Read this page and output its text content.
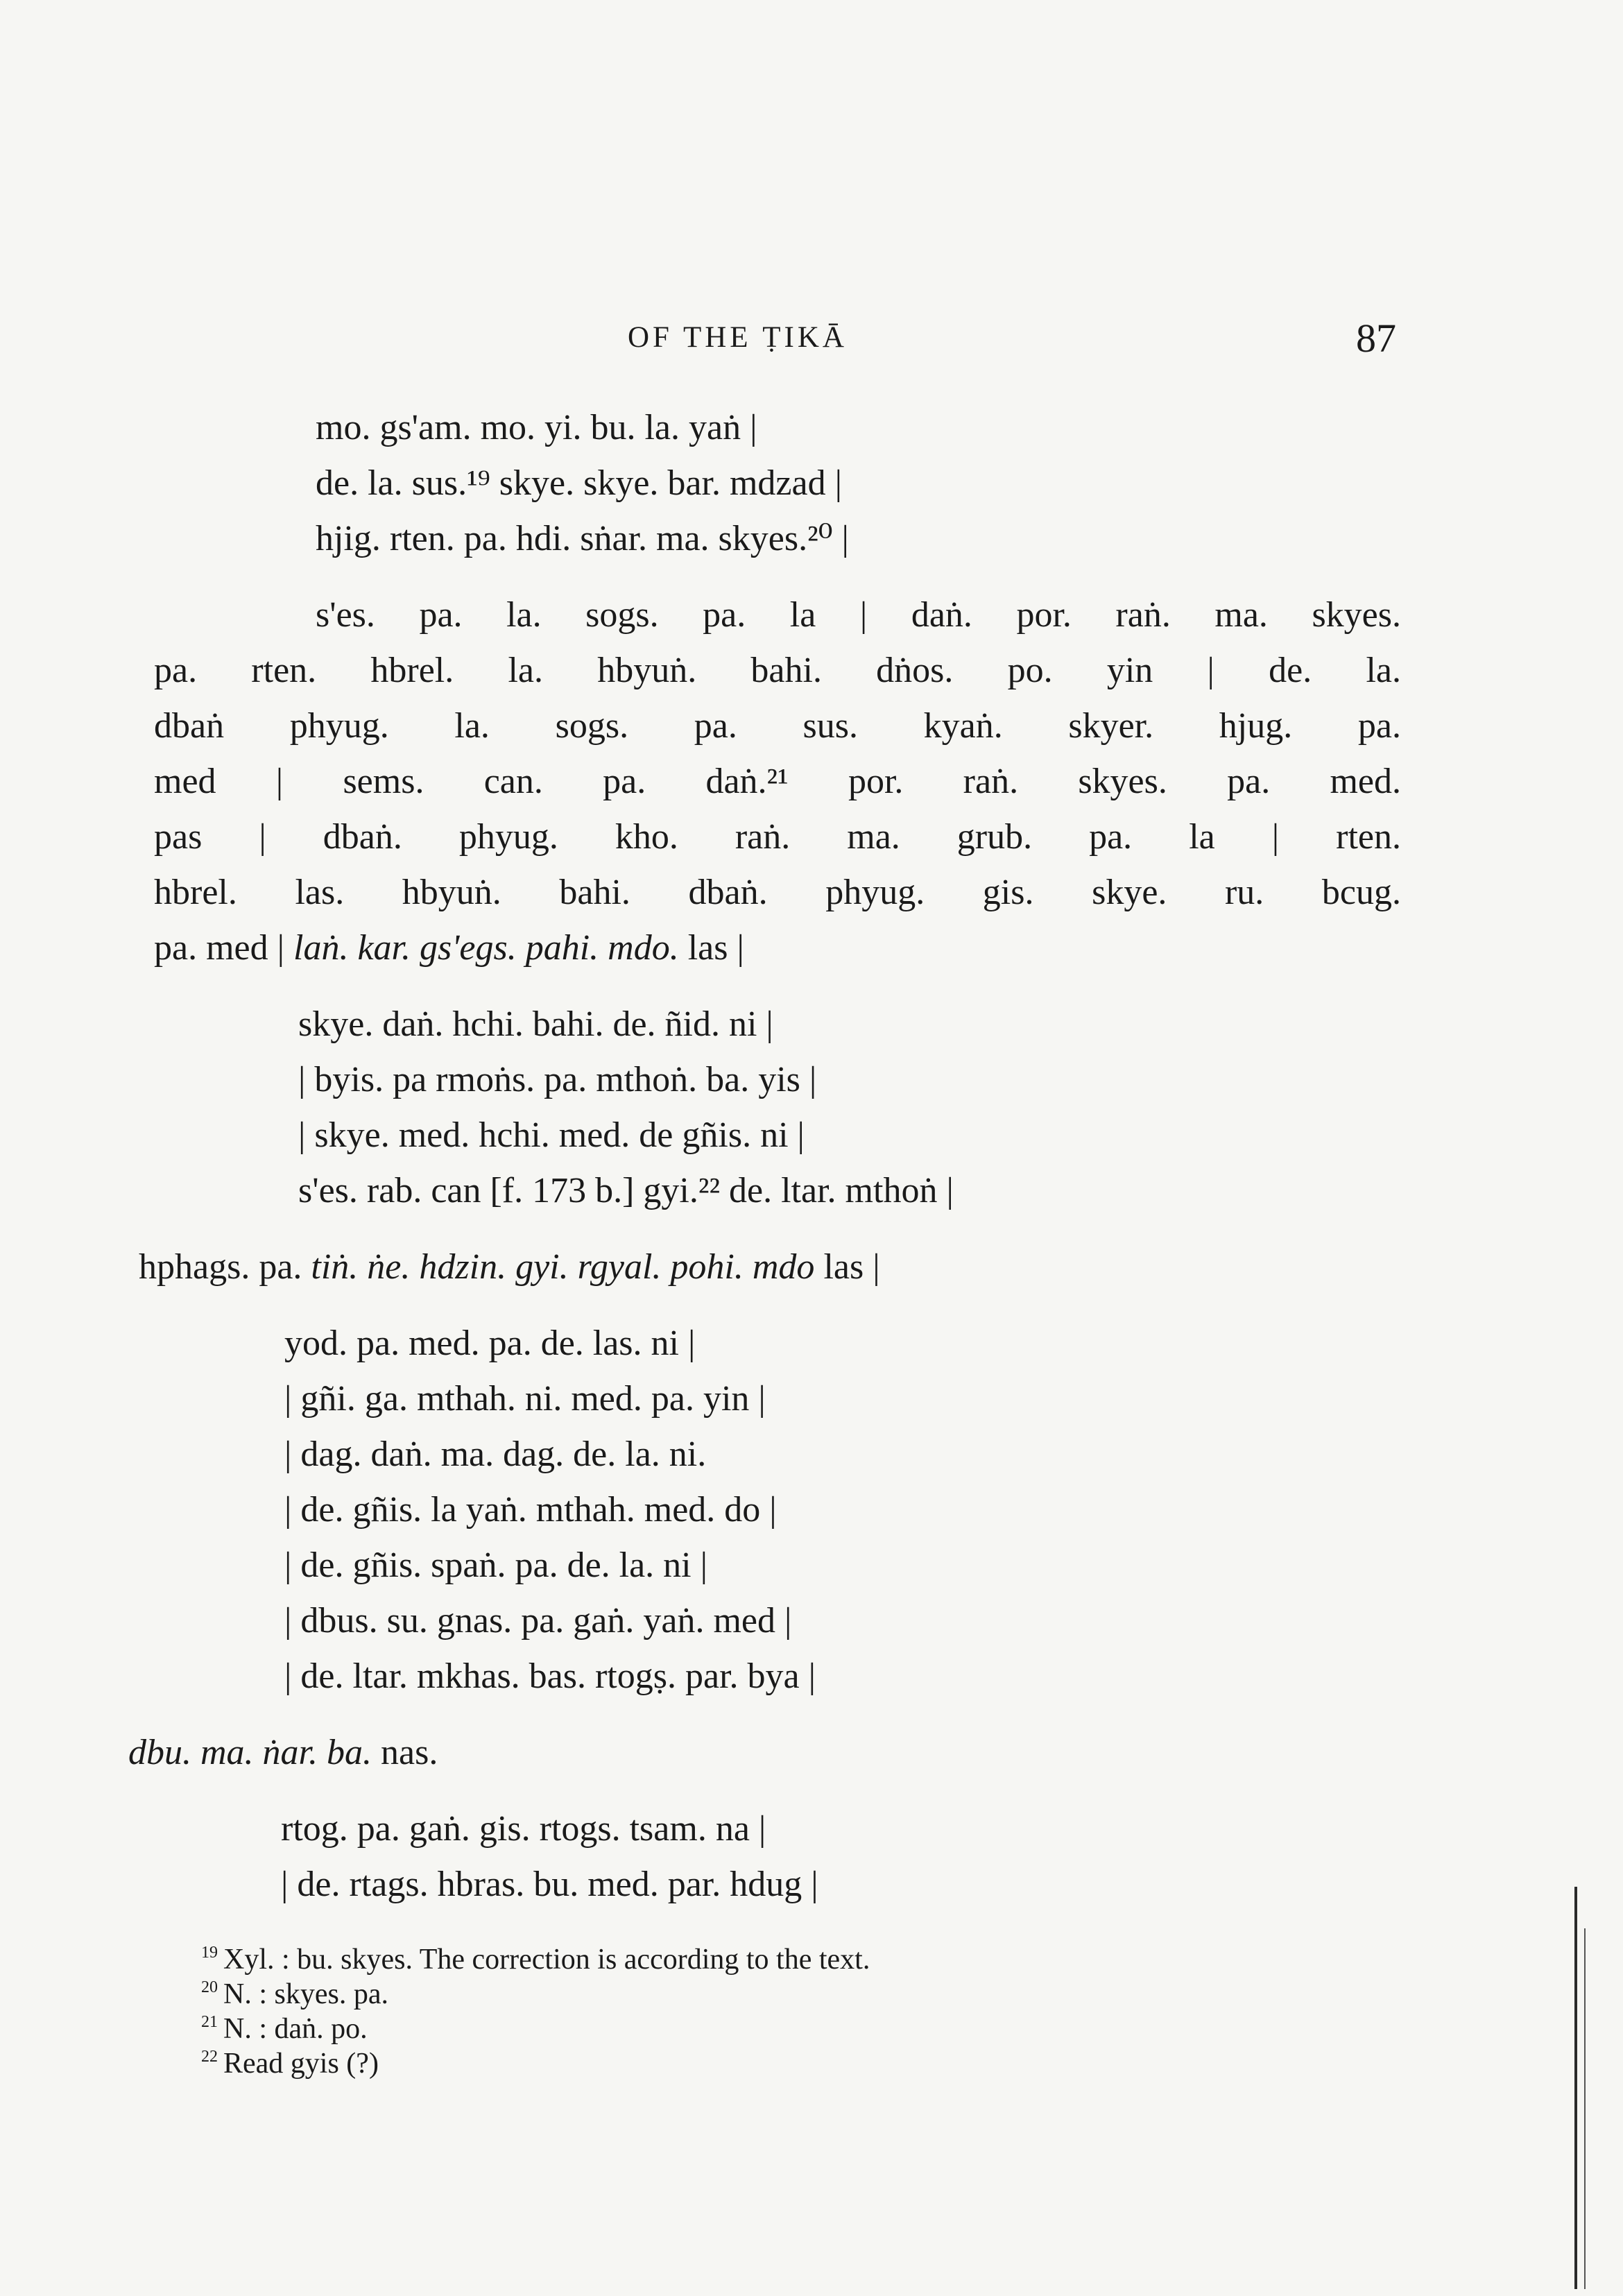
OF THE ṬIKĀ	87
mo. gs'am. mo. yi. bu. la. yaṅ |
de. la. sus.¹⁹ skye. skye. bar. mdzad |
hjig. rten. pa. hdi. sṅar. ma. skyes.²⁰ |
s'es. pa. la. sogs. pa. la | daṅ. por. raṅ. ma. skyes.
pa. rten. hbrel. la. hbyuṅ. bahi. dṅos. po. yin | de. la.
dbaṅ phyug. la. sogs. pa. sus. kyaṅ. skyer. hjug. pa.
med | sems. can. pa. daṅ.²¹ por. raṅ. skyes. pa. med.
pas | dbaṅ. phyug. kho. raṅ. ma. grub. pa. la | rten.
hbrel. las. hbyuṅ. bahi. dbaṅ. phyug. gis. skye. ru. bcug.
pa. med | laṅ. kar. gs'egs. pahi. mdo. las |
skye. daṅ. hchi. bahi. de. ñid. ni |
| byis. pa rmoṅs. pa. mthoṅ. ba. yis |
| skye. med. hchi. med. de gñis. ni |
s'es. rab. can [f. 173 b.] gyi.²² de. ltar. mthoṅ |
hphags. pa. tiṅ. ṅe. hdzin. gyi. rgyal. pohi. mdo las |
yod. pa. med. pa. de. las. ni |
| gñi. ga. mthah. ni. med. pa. yin |
| dag. daṅ. ma. dag. de. la. ni.
| de. gñis. la yaṅ. mthah. med. do |
| de. gñis. spaṅ. pa. de. la. ni |
| dbus. su. gnas. pa. gaṅ. yaṅ. med |
| de. ltar. mkhas. bas. rtogṣ. par. bya |
dbu. ma. ṅar. ba. nas.
rtog. pa. gaṅ. gis. rtogs. tsam. na |
| de. rtags. hbras. bu. med. par. hdug |
$^{19}$ Xyl. : bu. skyes. The correction is according to the text.
$^{20}$ N. : skyes. pa.
$^{21}$ N. : daṅ. po.
$^{22}$ Read gyis (?)
